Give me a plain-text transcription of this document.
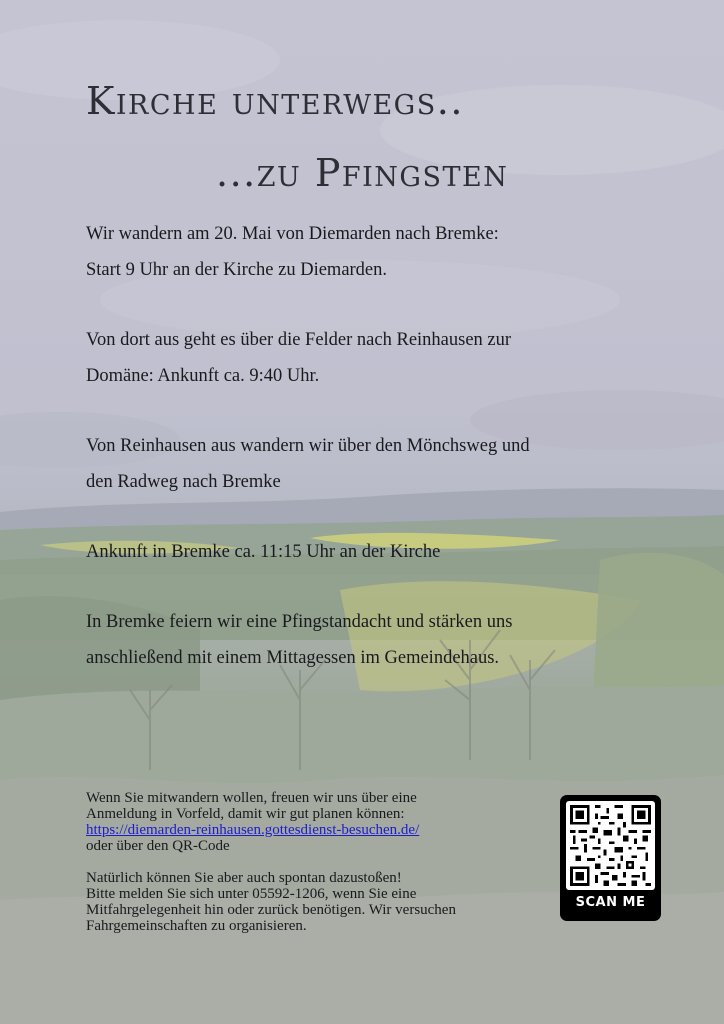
Kirche unterwegs..
...zu Pfingsten

Wir wandern am 20. Mai von Diemarden nach Bremke:
Start 9 Uhr an der Kirche zu Diemarden.

Von dort aus geht es über die Felder nach Reinhausen zur
Domäne: Ankunft ca. 9:40 Uhr.

Von Reinhausen aus wandern wir über den Mönchsweg und
den Radweg nach Bremke

Ankunft in Bremke ca. 11:15 Uhr an der Kirche

In Bremke feiern wir eine Pfingstandacht und stärken uns
anschließend mit einem Mittagessen im Gemeindehaus.

Wenn Sie mitwandern wollen, freuen wir uns über eine
Anmeldung in Vorfeld, damit wir gut planen können:
https://diemarden-reinhausen.gottesdienst-besuchen.de/
oder über den QR-Code

Natürlich können Sie aber auch spontan dazustoßen!
Bitte melden Sie sich unter 05592-1206, wenn Sie eine
Mitfahrgelegenheit hin oder zurück benötigen. Wir versuchen
Fahrgemeinschaften zu organisieren.

SCAN ME
